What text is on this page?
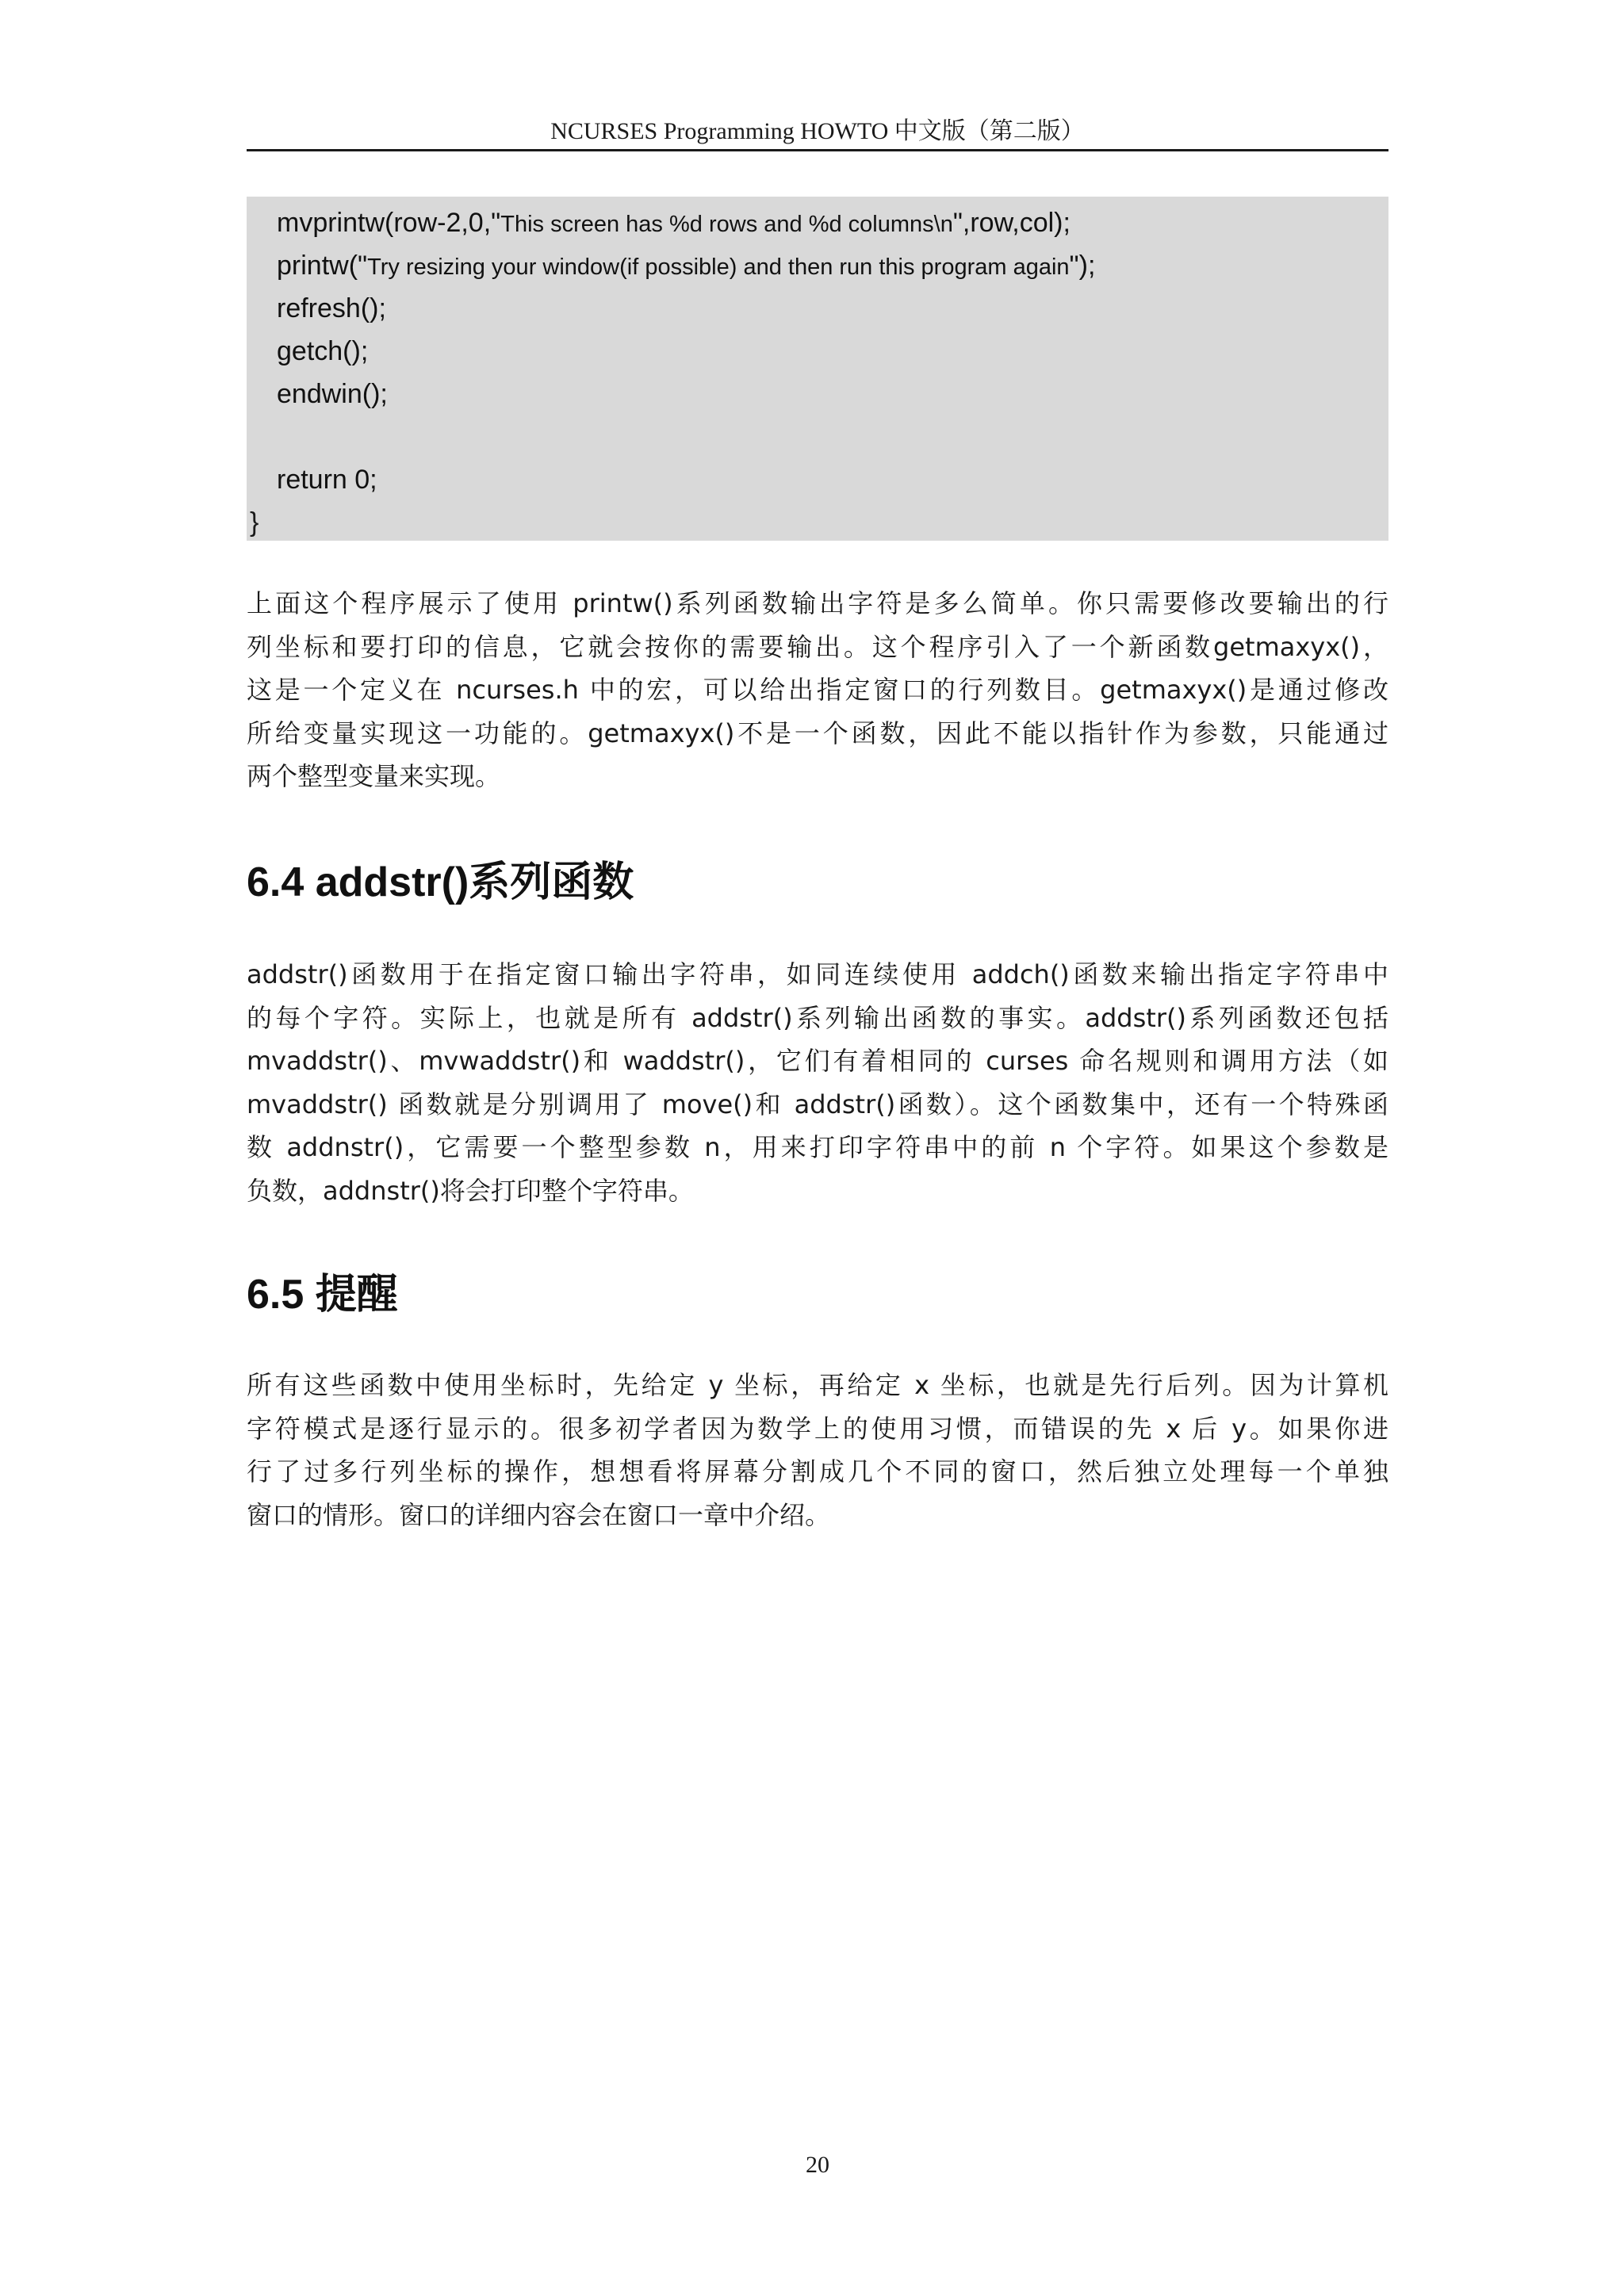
NCURSES Programming HOWTO 中文版（第二版）
mvprintw(row-2,0,"This screen has %d rows and %d columns\n",row,col);
printw("Try resizing your window(if possible) and then run this program again");
refresh();
getch();
endwin();
return 0;
}
上面这个程序展示了使用 printw()系列函数输出字符是多么简单。你只需要修改要输出的行
列坐标和要打印的信息，它就会按你的需要输出。这个程序引入了一个新函数getmaxyx()，
这是一个定义在 ncurses.h 中的宏，可以给出指定窗口的行列数目。getmaxyx()是通过修改
所给变量实现这一功能的。getmaxyx()不是一个函数，因此不能以指针作为参数，只能通过
两个整型变量来实现。
6.4 addstr()系列函数
addstr()函数用于在指定窗口输出字符串，如同连续使用 addch()函数来输出指定字符串中
的每个字符。实际上，也就是所有 addstr()系列输出函数的事实。addstr()系列函数还包括
mvaddstr()、mvwaddstr()和 waddstr()，它们有着相同的 curses 命名规则和调用方法（如
mvaddstr() 函数就是分别调用了 move()和 addstr()函数）。这个函数集中，还有一个特殊函
数 addnstr()，它需要一个整型参数 n，用来打印字符串中的前 n 个字符。如果这个参数是
负数，addnstr()将会打印整个字符串。
6.5 提醒
所有这些函数中使用坐标时，先给定 y 坐标，再给定 x 坐标，也就是先行后列。因为计算机
字符模式是逐行显示的。很多初学者因为数学上的使用习惯，而错误的先 x 后 y。如果你进
行了过多行列坐标的操作，想想看将屏幕分割成几个不同的窗口，然后独立处理每一个单独
窗口的情形。窗口的详细内容会在窗口一章中介绍。
20
